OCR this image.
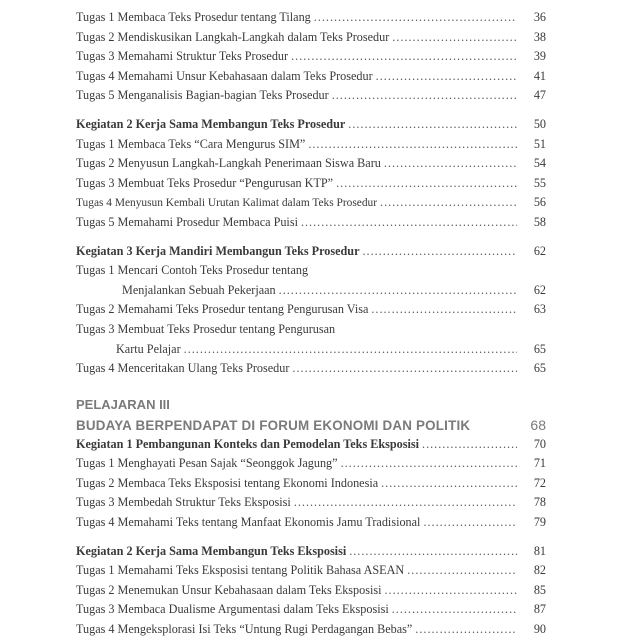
Tugas 1 Membaca Teks Prosedur tentang Tilang .....	36
Tugas 2 Mendiskusikan Langkah-Langkah dalam Teks Prosedur .....	38
Tugas 3 Memahami Struktur Teks Prosedur .....	39
Tugas 4 Memahami Unsur Kebahasaan dalam Teks Prosedur .....	41
Tugas 5 Menganalisis Bagian-bagian Teks Prosedur .....	47
Kegiatan 2 Kerja Sama Membangun Teks Prosedur .....	50
Tugas 1 Membaca Teks “Cara Mengurus SIM” .....	51
Tugas 2 Menyusun Langkah-Langkah Penerimaan Siswa Baru .....	54
Tugas 3 Membuat Teks Prosedur “Pengurusan KTP” .....	55
Tugas 4 Menyusun Kembali Urutan Kalimat dalam Teks Prosedur .....	56
Tugas 5 Memahami Prosedur Membaca Puisi .....	58
Kegiatan 3 Kerja Mandiri Membangun Teks Prosedur .....	62
Tugas 1 Mencari Contoh Teks Prosedur tentang
Menjalankan Sebuah Pekerjaan .....	62
Tugas 2 Memahami Teks Prosedur tentang Pengurusan Visa .....	63
Tugas 3 Membuat Teks Prosedur tentang Pengurusan
Kartu Pelajar .....	65
Tugas 4 Menceritakan Ulang Teks Prosedur .....	65
PELAJARAN III
BUDAYA BERPENDAPAT DI FORUM EKONOMI DAN POLITIK	68
Kegiatan 1 Pembangunan Konteks dan Pemodelan Teks Eksposisi .....	70
Tugas 1 Menghayati Pesan Sajak “Seonggok Jagung” .....	71
Tugas 2 Membaca Teks Eksposisi tentang Ekonomi Indonesia .....	72
Tugas 3 Membedah Struktur Teks Eksposisi .....	78
Tugas 4 Memahami Teks tentang Manfaat Ekonomis Jamu Tradisional .....	79
Kegiatan 2 Kerja Sama Membangun Teks Eksposisi .....	81
Tugas 1 Memahami Teks Eksposisi tentang Politik Bahasa ASEAN .....	82
Tugas 2 Menemukan Unsur Kebahasaan dalam Teks Eksposisi .....	85
Tugas 3 Membaca Dualisme Argumentasi dalam Teks Eksposisi .....	87
Tugas 4 Mengeksplorasi Isi Teks “Untung Rugi Perdagangan Bebas” .....	90
